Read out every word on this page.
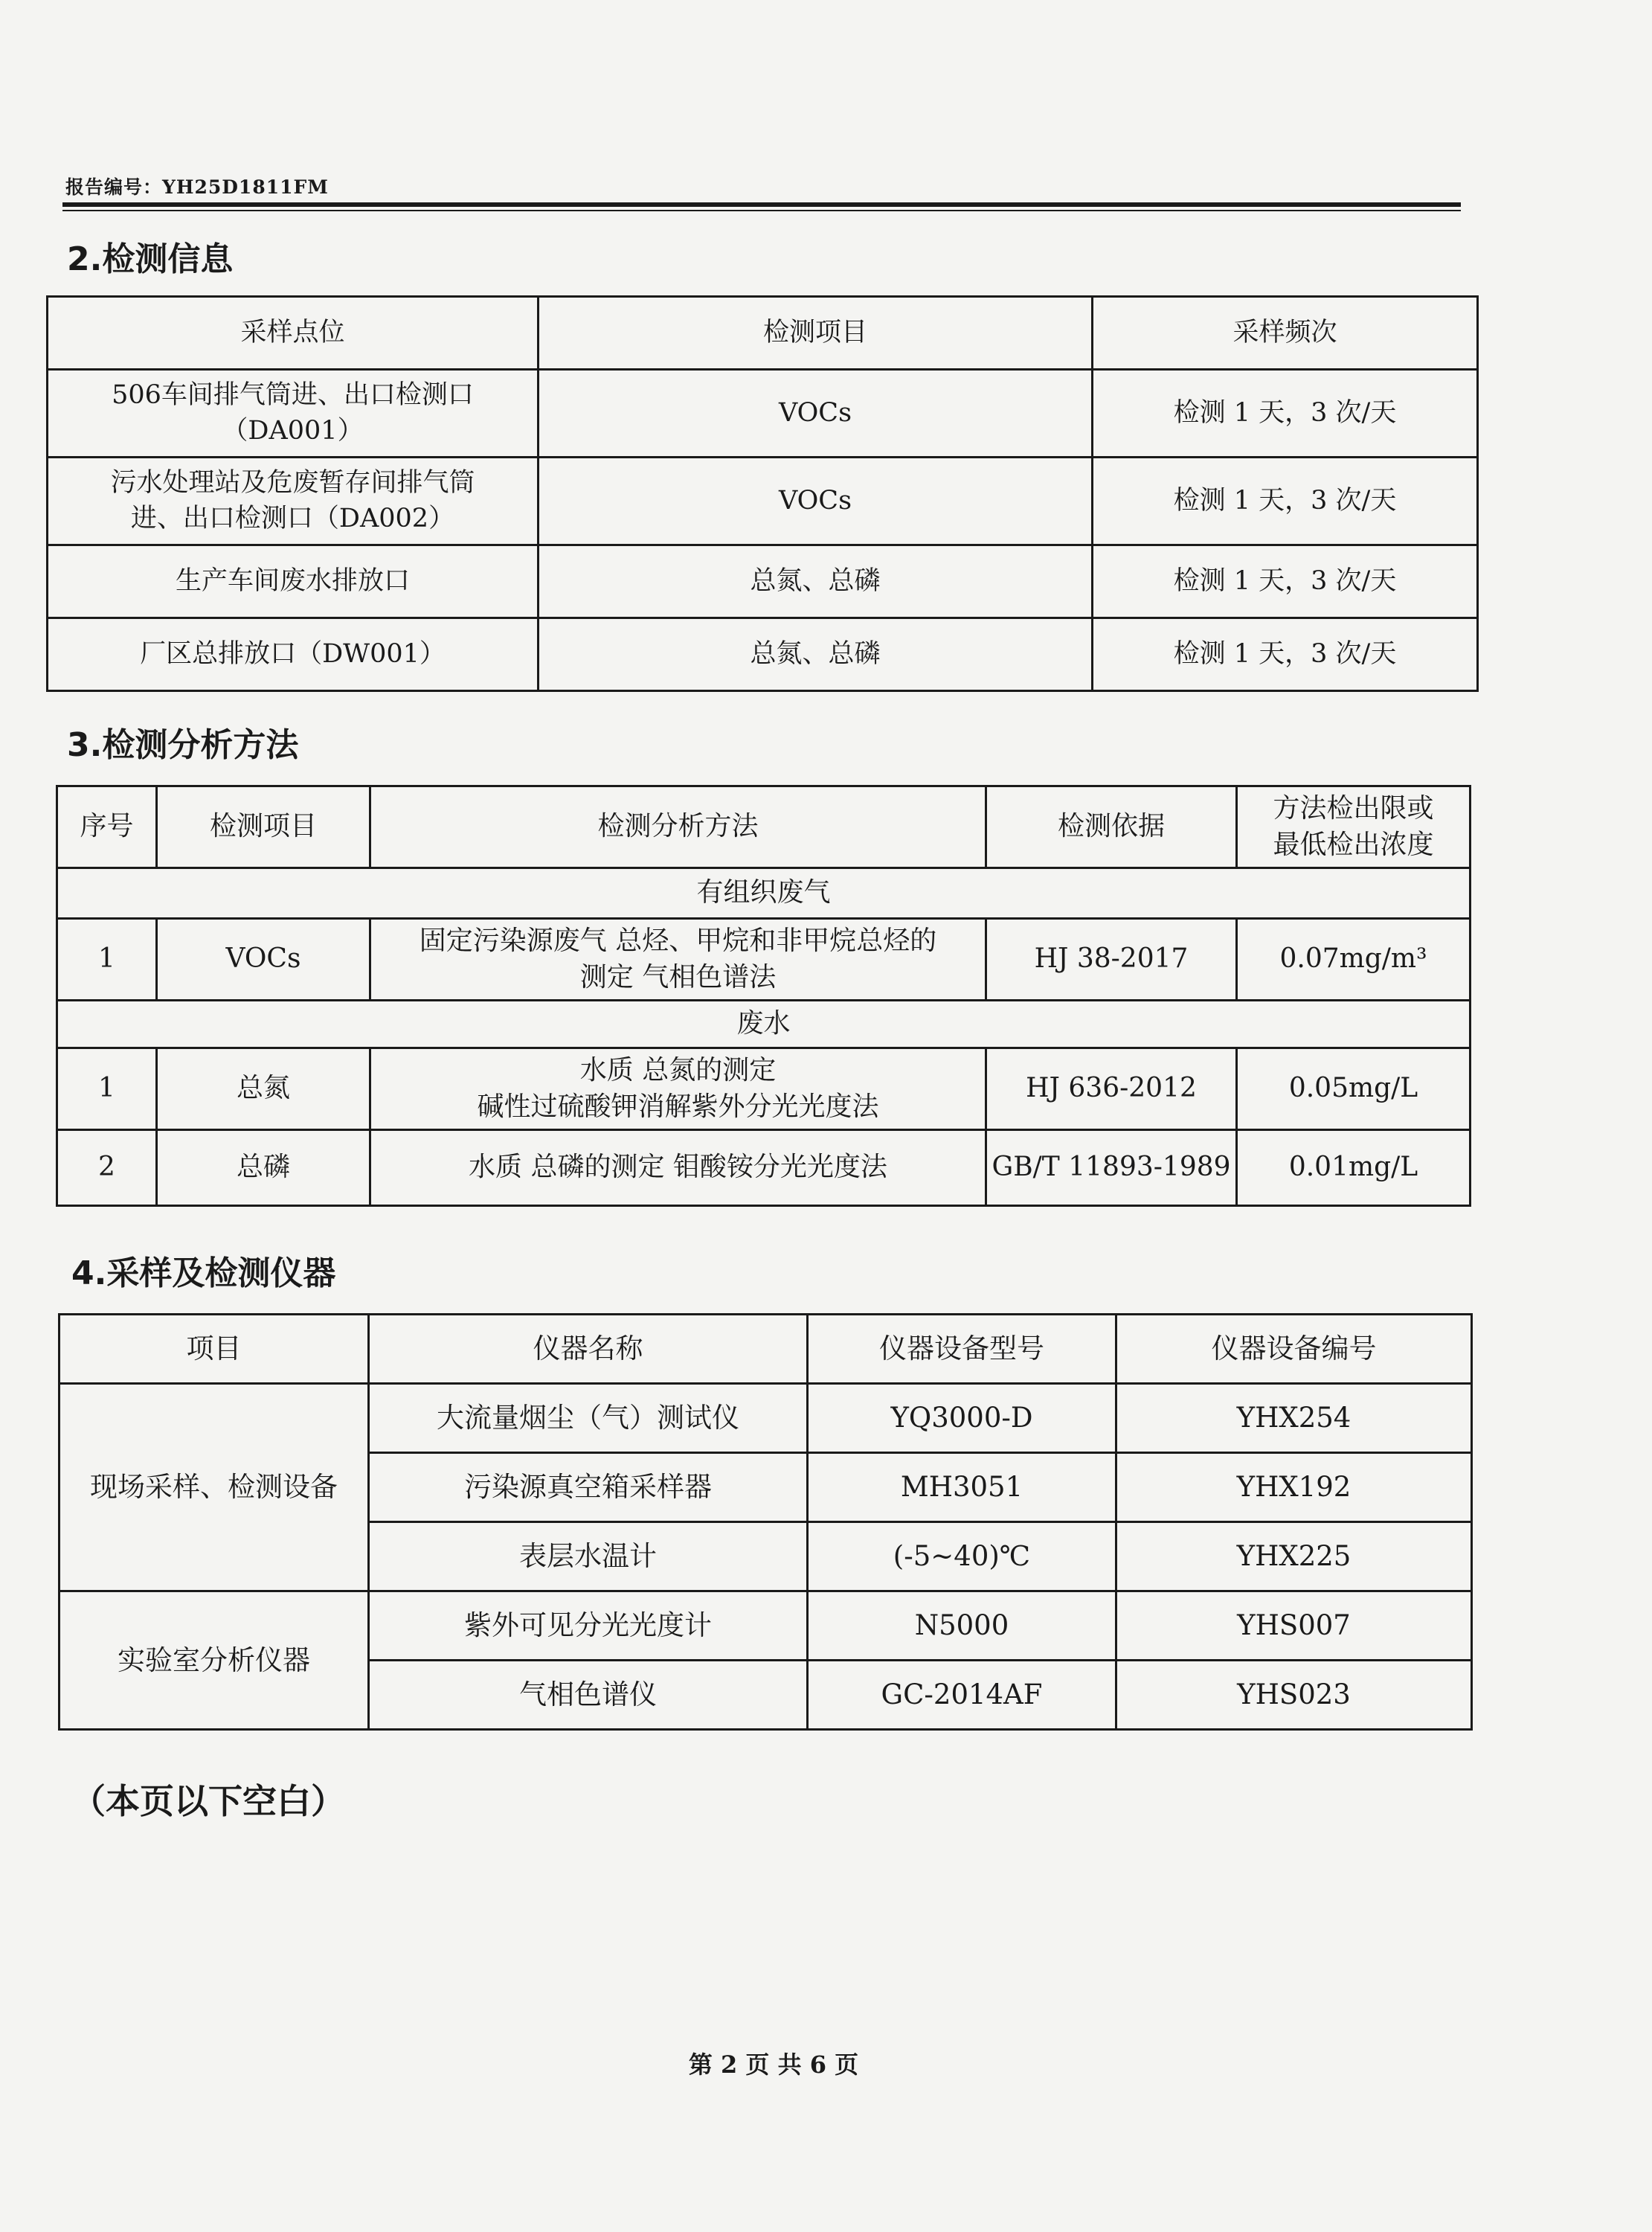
报告编号：YH25D1811FM
2.检测信息
采样点位	检测项目	采样频次
506车间排气筒进、出口检测口
（DA001）	VOCs	检测 1 天，3 次/天
污水处理站及危废暂存间排气筒
进、出口检测口（DA002）	VOCs	检测 1 天，3 次/天
生产车间废水排放口	总氮、总磷	检测 1 天，3 次/天
厂区总排放口（DW001）	总氮、总磷	检测 1 天，3 次/天
3.检测分析方法
序号	检测项目	检测分析方法	检测依据	方法检出限或
最低检出浓度
有组织废气				
1	VOCs	固定污染源废气 总烃、甲烷和非甲烷总烃的
测定 气相色谱法	HJ 38-2017	0.07mg/m³
废水				
1	总氮	水质 总氮的测定
碱性过硫酸钾消解紫外分光光度法	HJ 636-2012	0.05mg/L
2	总磷	水质 总磷的测定 钼酸铵分光光度法	GB/T 11893-1989	0.01mg/L
4.采样及检测仪器
项目	仪器名称	仪器设备型号	仪器设备编号
现场采样、检测设备	大流量烟尘（气）测试仪	YQ3000-D	YHX254
	污染源真空箱采样器	MH3051	YHX192
	表层水温计	(-5~40)℃	YHX225
实验室分析仪器	紫外可见分光光度计	N5000	YHS007
	气相色谱仪	GC-2014AF	YHS023
（本页以下空白）
第 2 页 共 6 页
